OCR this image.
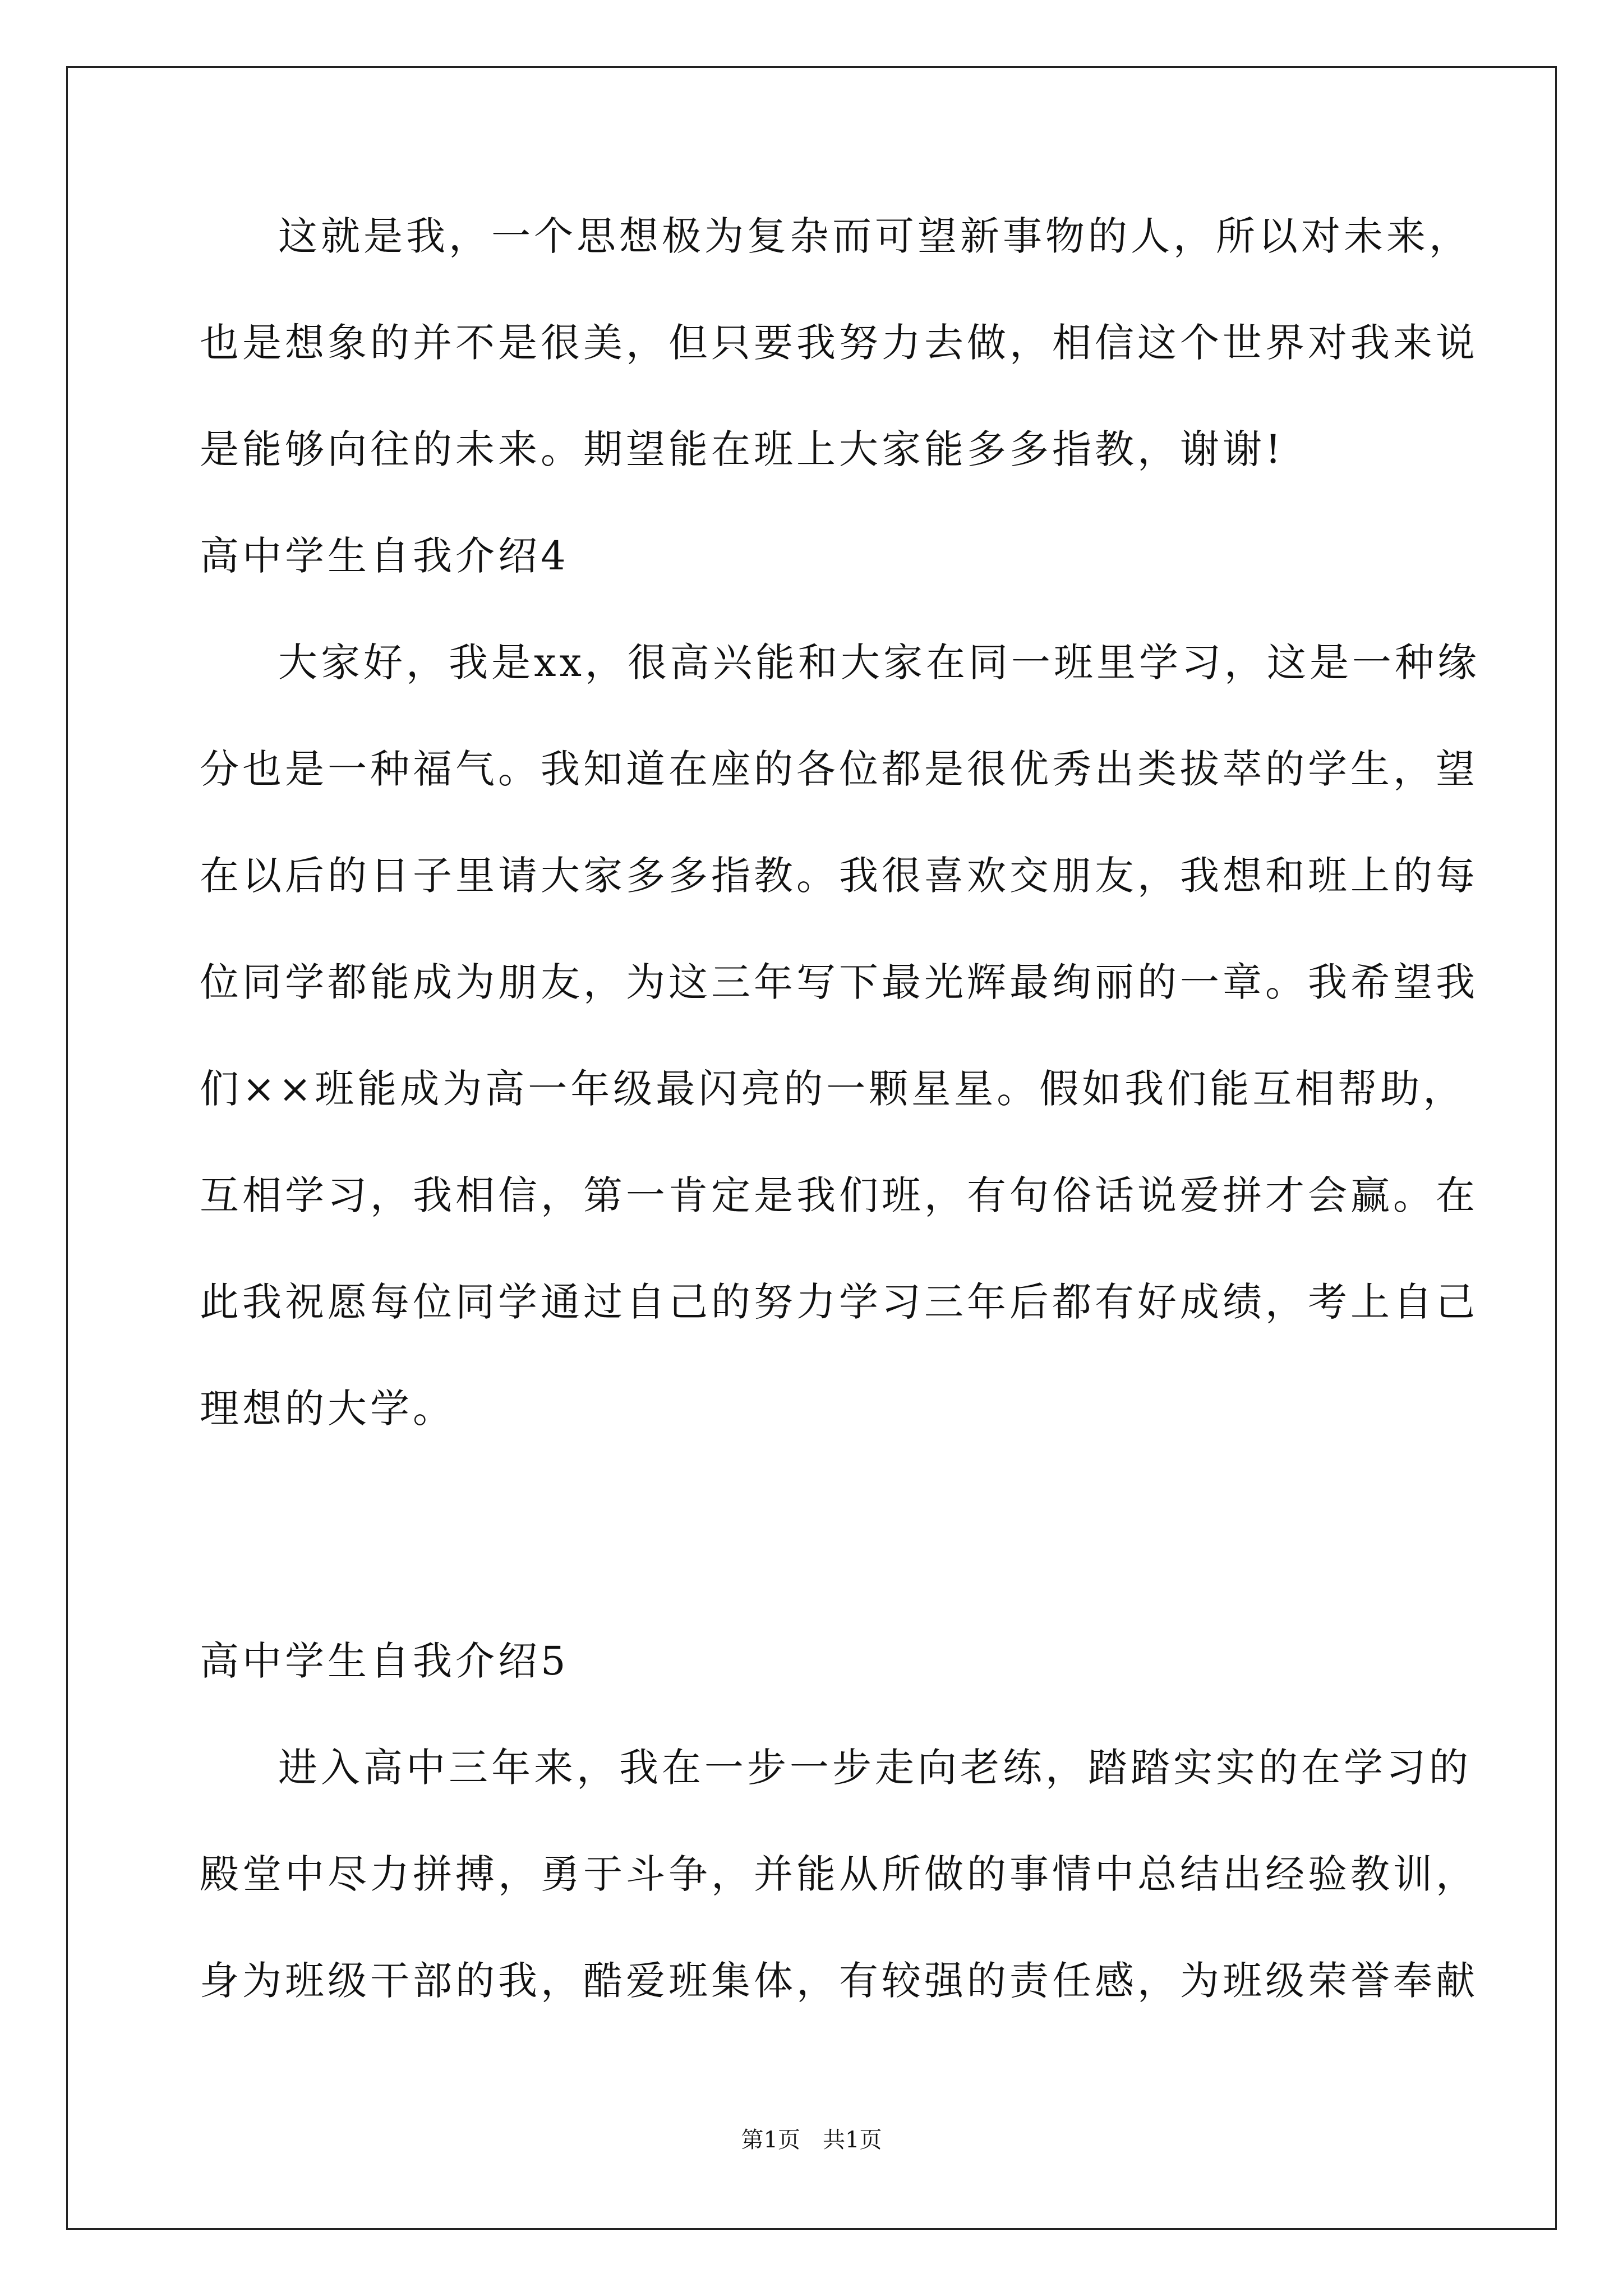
这就是我，一个思想极为复杂而可望新事物的人，所以对未来，
也是想象的并不是很美，但只要我努力去做，相信这个世界对我来说
是能够向往的未来。期望能在班上大家能多多指教，谢谢!
高中学生自我介绍4
大家好，我是xx，很高兴能和大家在同一班里学习，这是一种缘
分也是一种福气。我知道在座的各位都是很优秀出类拔萃的学生，望
在以后的日子里请大家多多指教。我很喜欢交朋友，我想和班上的每
位同学都能成为朋友，为这三年写下最光辉最绚丽的一章。我希望我
们××班能成为高一年级最闪亮的一颗星星。假如我们能互相帮助，
互相学习，我相信，第一肯定是我们班，有句俗话说爱拼才会赢。在
此我祝愿每位同学通过自己的努力学习三年后都有好成绩，考上自己
理想的大学。
高中学生自我介绍5
进入高中三年来，我在一步一步走向老练，踏踏实实的在学习的
殿堂中尽力拼搏，勇于斗争，并能从所做的事情中总结出经验教训，
身为班级干部的我，酷爱班集体，有较强的责任感，为班级荣誉奉献
第1页　共1页
